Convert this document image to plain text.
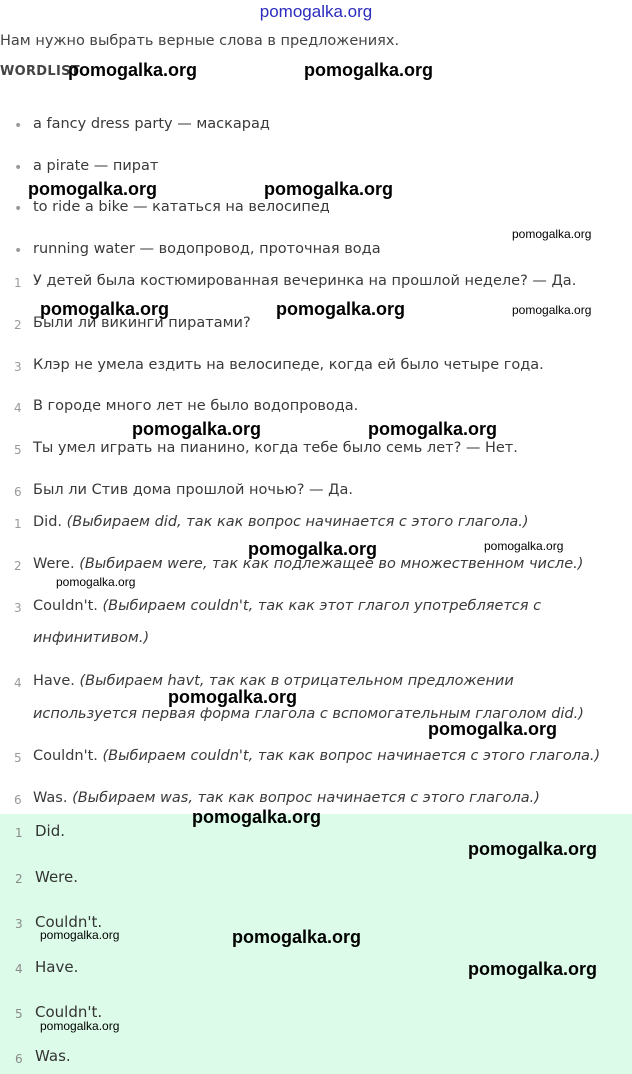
pomogalka.org
Нам нужно выбрать верные слова в предложениях.
WORDLIST
• a fancy dress party — маскарад
• a pirate — пират
• to ride a bike — кататься на велосипед
• running water — водопровод, проточная вода
1 У детей была костюмированная вечеринка на прошлой неделе? — Да.
2 Были ли викинги пиратами?
3 Клэр не умела ездить на велосипеде, когда ей было четыре года.
4 В городе много лет не было водопровода.
5 Ты умел играть на пианино, когда тебе было семь лет? — Нет.
6 Был ли Стив дома прошлой ночью? — Да.
1 Did. (Выбираем did, так как вопрос начинается с этого глагола.)
2 Were. (Выбираем were, так как подлежащее во множественном числе.)
3 Couldn't. (Выбираем couldn't, так как этот глагол употребляется с
инфинитивом.)
4 Have. (Выбираем havt, так как в отрицательном предложении
используется первая форма глагола с вспомогательным глаголом did.)
5 Couldn't. (Выбираем couldn't, так как вопрос начинается с этого глагола.)
6 Was. (Выбираем was, так как вопрос начинается с этого глагола.)
1 Did.
2 Were.
3 Couldn't.
4 Have.
5 Couldn't.
6 Was.
pomogalka.org	pomogalka.org
pomogalka.org	pomogalka.org
pomogalka.org
pomogalka.org	pomogalka.org	pomogalka.org
pomogalka.org	pomogalka.org
pomogalka.org	pomogalka.org
pomogalka.org
pomogalka.org
pomogalka.org
pomogalka.org
pomogalka.org
pomogalka.org	pomogalka.org
pomogalka.org
pomogalka.org
